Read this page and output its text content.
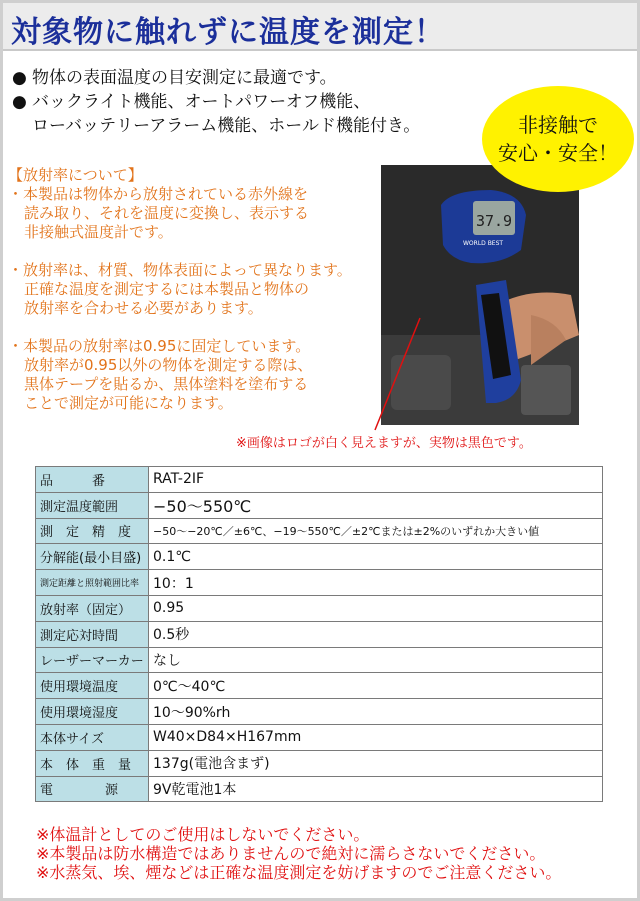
対象物に触れずに温度を測定！
● 物体の表面温度の目安測定に最適です。
● バックライト機能、オートパワーオフ機能、
ローバッテリーアラーム機能、ホールド機能付き。	非接触で
安心・安全！

【放射率について】

・本製品は物体から放射されている赤外線を

読み取り、それを温度に変換し、表示する

非接触式温度計です。

・放射率は、材質、物体表面によって異なります。

正確な温度を測定するには本製品と物体の

放射率を合わせる必要があります。

・本製品の放射率は0.95に固定しています。

放射率が0.95以外の物体を測定する際は、

黒体テープを貼るか、黒体塗料を塗布する

ことで測定が可能になります。

37.9
WORLD BEST

※画像はロゴが白く見えますが、実物は黒色です。

品　　　番	RAT-2IF
測定温度範囲	−50〜550℃
測　定　精　度	−50〜−20℃／±6℃、−19〜550℃／±2℃または±2%のいずれか大きい値
分解能(最小目盛)	0.1℃
測定距離と照射範囲比率	10：1
放射率（固定）	0.95
測定応対時間	0.5秒
レーザーマーカー	なし
使用環境温度	0℃〜40℃
使用環境湿度	10〜90%rh
本体サイズ	W40×D84×H167mm
本　体　重　量	137g(電池含まず)
電　　　　源	9V乾電池1本

※体温計としてのご使用はしないでください。

※本製品は防水構造ではありませんので絶対に濡らさないでください。

※水蒸気、埃、煙などは正確な温度測定を妨げますのでご注意ください。
